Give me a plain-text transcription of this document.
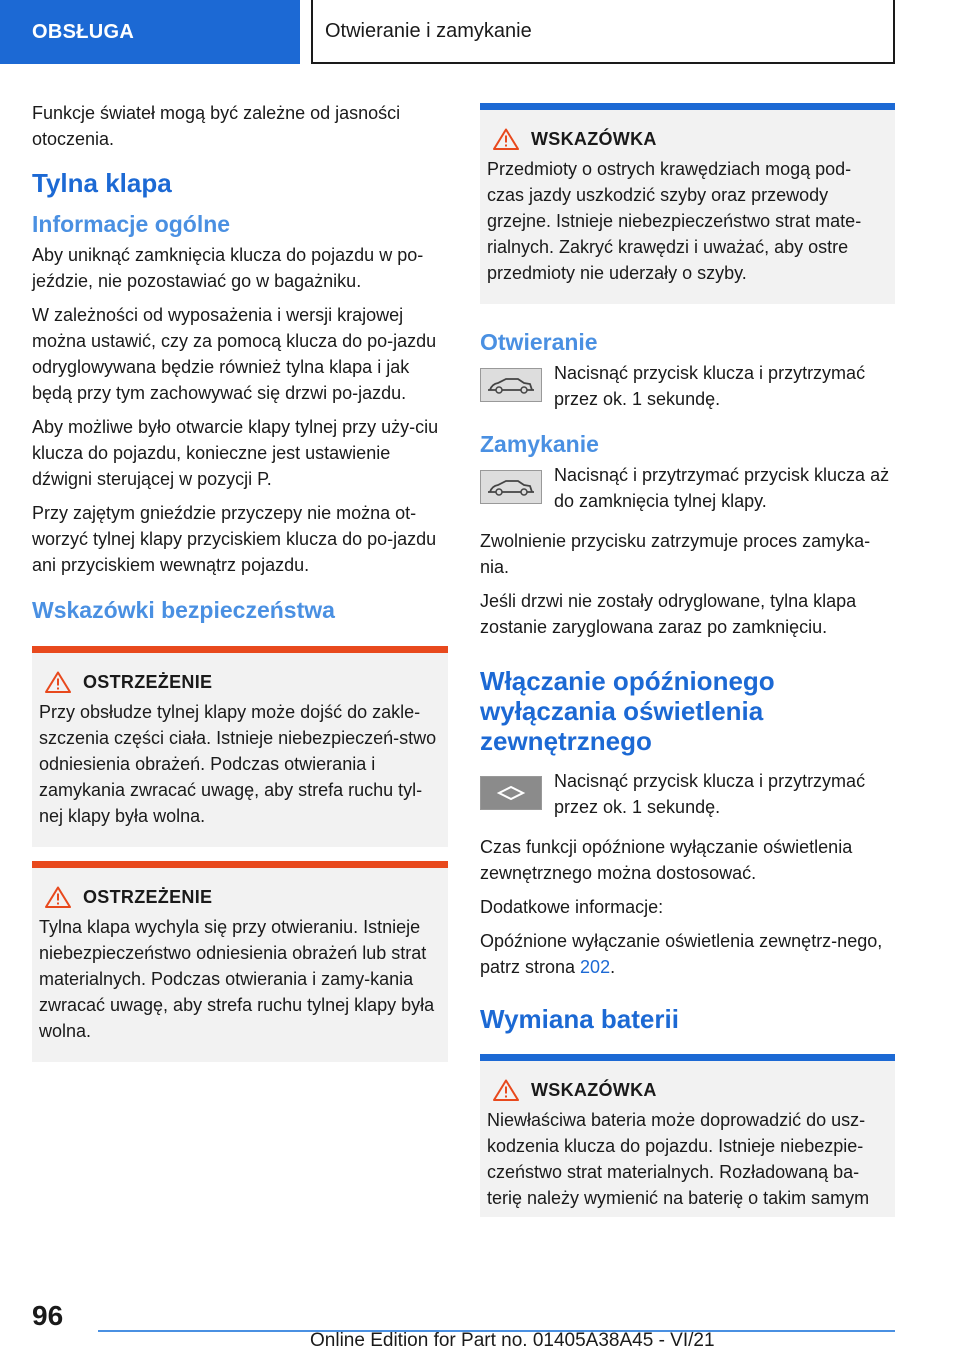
OBSŁUGA	Otwieranie i zamykanie

Funkcje świateł mogą być zależne od jasności otoczenia.

Tylna klapa
Informacje ogólne

Aby uniknąć zamknięcia klucza do pojazdu w po-jeździe, nie pozostawiać go w bagażniku.

W zależności od wyposażenia i wersji krajowej można ustawić, czy za pomocą klucza do po-jazdu odryglowywana będzie również tylna klapa i jak będą przy tym zachowywać się drzwi po-jazdu.

Aby możliwe było otwarcie klapy tylnej przy uży-ciu klucza do pojazdu, konieczne jest ustawienie dźwigni sterującej w pozycji P.

Przy zajętym gnieździe przyczepy nie można ot-worzyć tylnej klapy przyciskiem klucza do po-jazdu ani przyciskiem wewnątrz pojazdu.

Wskazówki bezpieczeństwa
OSTRZEŻENIE

Przy obsłudze tylnej klapy może dojść do zakle-szczenia części ciała. Istnieje niebezpieczeń-stwo odniesienia obrażeń. Podczas otwierania i zamykania zwracać uwagę, aby strefa ruchu tyl-nej klapy była wolna.

OSTRZEŻENIE

Tylna klapa wychyla się przy otwieraniu. Istnieje niebezpieczeństwo odniesienia obrażeń lub strat materialnych. Podczas otwierania i zamy-kania zwracać uwagę, aby strefa ruchu tylnej klapy była wolna.

WSKAZÓWKA

Przedmioty o ostrych krawędziach mogą pod-czas jazdy uszkodzić szyby oraz przewody grzejne. Istnieje niebezpieczeństwo strat mate-rialnych. Zakryć krawędzi i uważać, aby ostre przedmioty nie uderzały o szyby.

Otwieranie

Nacisnąć przycisk klucza i przytrzymać przez ok. 1 sekundę.

Zamykanie

Nacisnąć i przytrzymać przycisk klucza aż do zamknięcia tylnej klapy.

Zwolnienie przycisku zatrzymuje proces zamyka-nia.

Jeśli drzwi nie zostały odryglowane, tylna klapa zostanie zaryglowana zaraz po zamknięciu.

Włączanie opóźnionego wyłączania oświetlenia zewnętrznego

Nacisnąć przycisk klucza i przytrzymać przez ok. 1 sekundę.

Czas funkcji opóźnione wyłączanie oświetlenia zewnętrznego można dostosować.

Dodatkowe informacje:

Opóźnione wyłączanie oświetlenia zewnętrz-nego, patrz strona 202.

Wymiana baterii
WSKAZÓWKA

Niewłaściwa bateria może doprowadzić do usz-kodzenia klucza do pojazdu. Istnieje niebezpie-czeństwo strat materialnych. Rozładowaną ba-terię należy wymienić na baterię o takim samym

96
Online Edition for Part no. 01405A38A45 - VI/21
